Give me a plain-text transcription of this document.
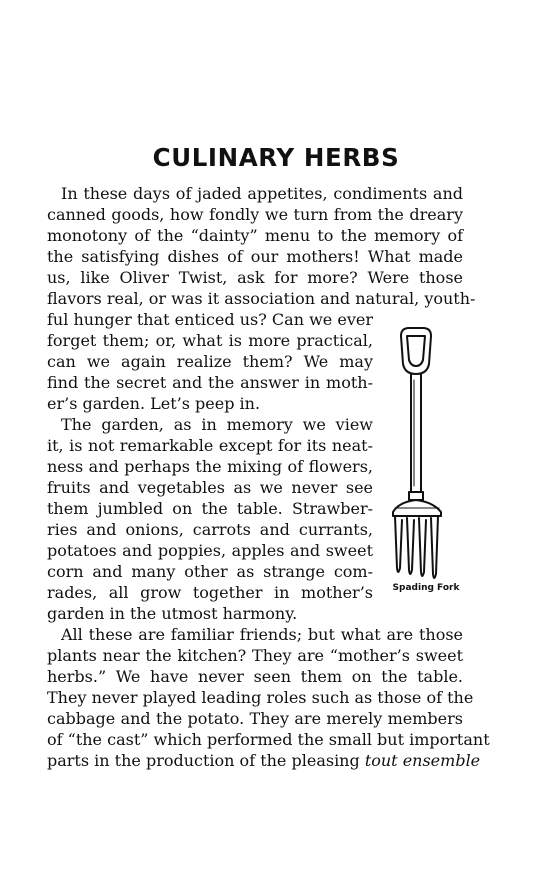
CULINARY HERBS
In these days of jaded appetites, condiments and
canned goods, how fondly we turn from the dreary
monotony of the “dainty” menu to the memory of
the satisfying dishes of our mothers! What made
us, like Oliver Twist, ask for more? Were those
flavors real, or was it association and natural, youth-
ful hunger that enticed us? Can we ever
forget them; or, what is more practical,
can we again realize them? We may
find the secret and the answer in moth-
er’s garden. Let’s peep in.
The garden, as in memory we view
it, is not remarkable except for its neat-
ness and perhaps the mixing of flowers,
fruits and vegetables as we never see
them jumbled on the table. Strawber-
ries and onions, carrots and currants,
potatoes and poppies, apples and sweet
corn and many other as strange com-
rades, all grow together in mother’s
garden in the utmost harmony.
All these are familiar friends; but what are those
plants near the kitchen? They are “mother’s sweet
herbs.” We have never seen them on the table.
They never played leading roles such as those of the
cabbage and the potato. They are merely members
of “the cast” which performed the small but important
parts in the production of the pleasing tout ensemble
Spading Fork
